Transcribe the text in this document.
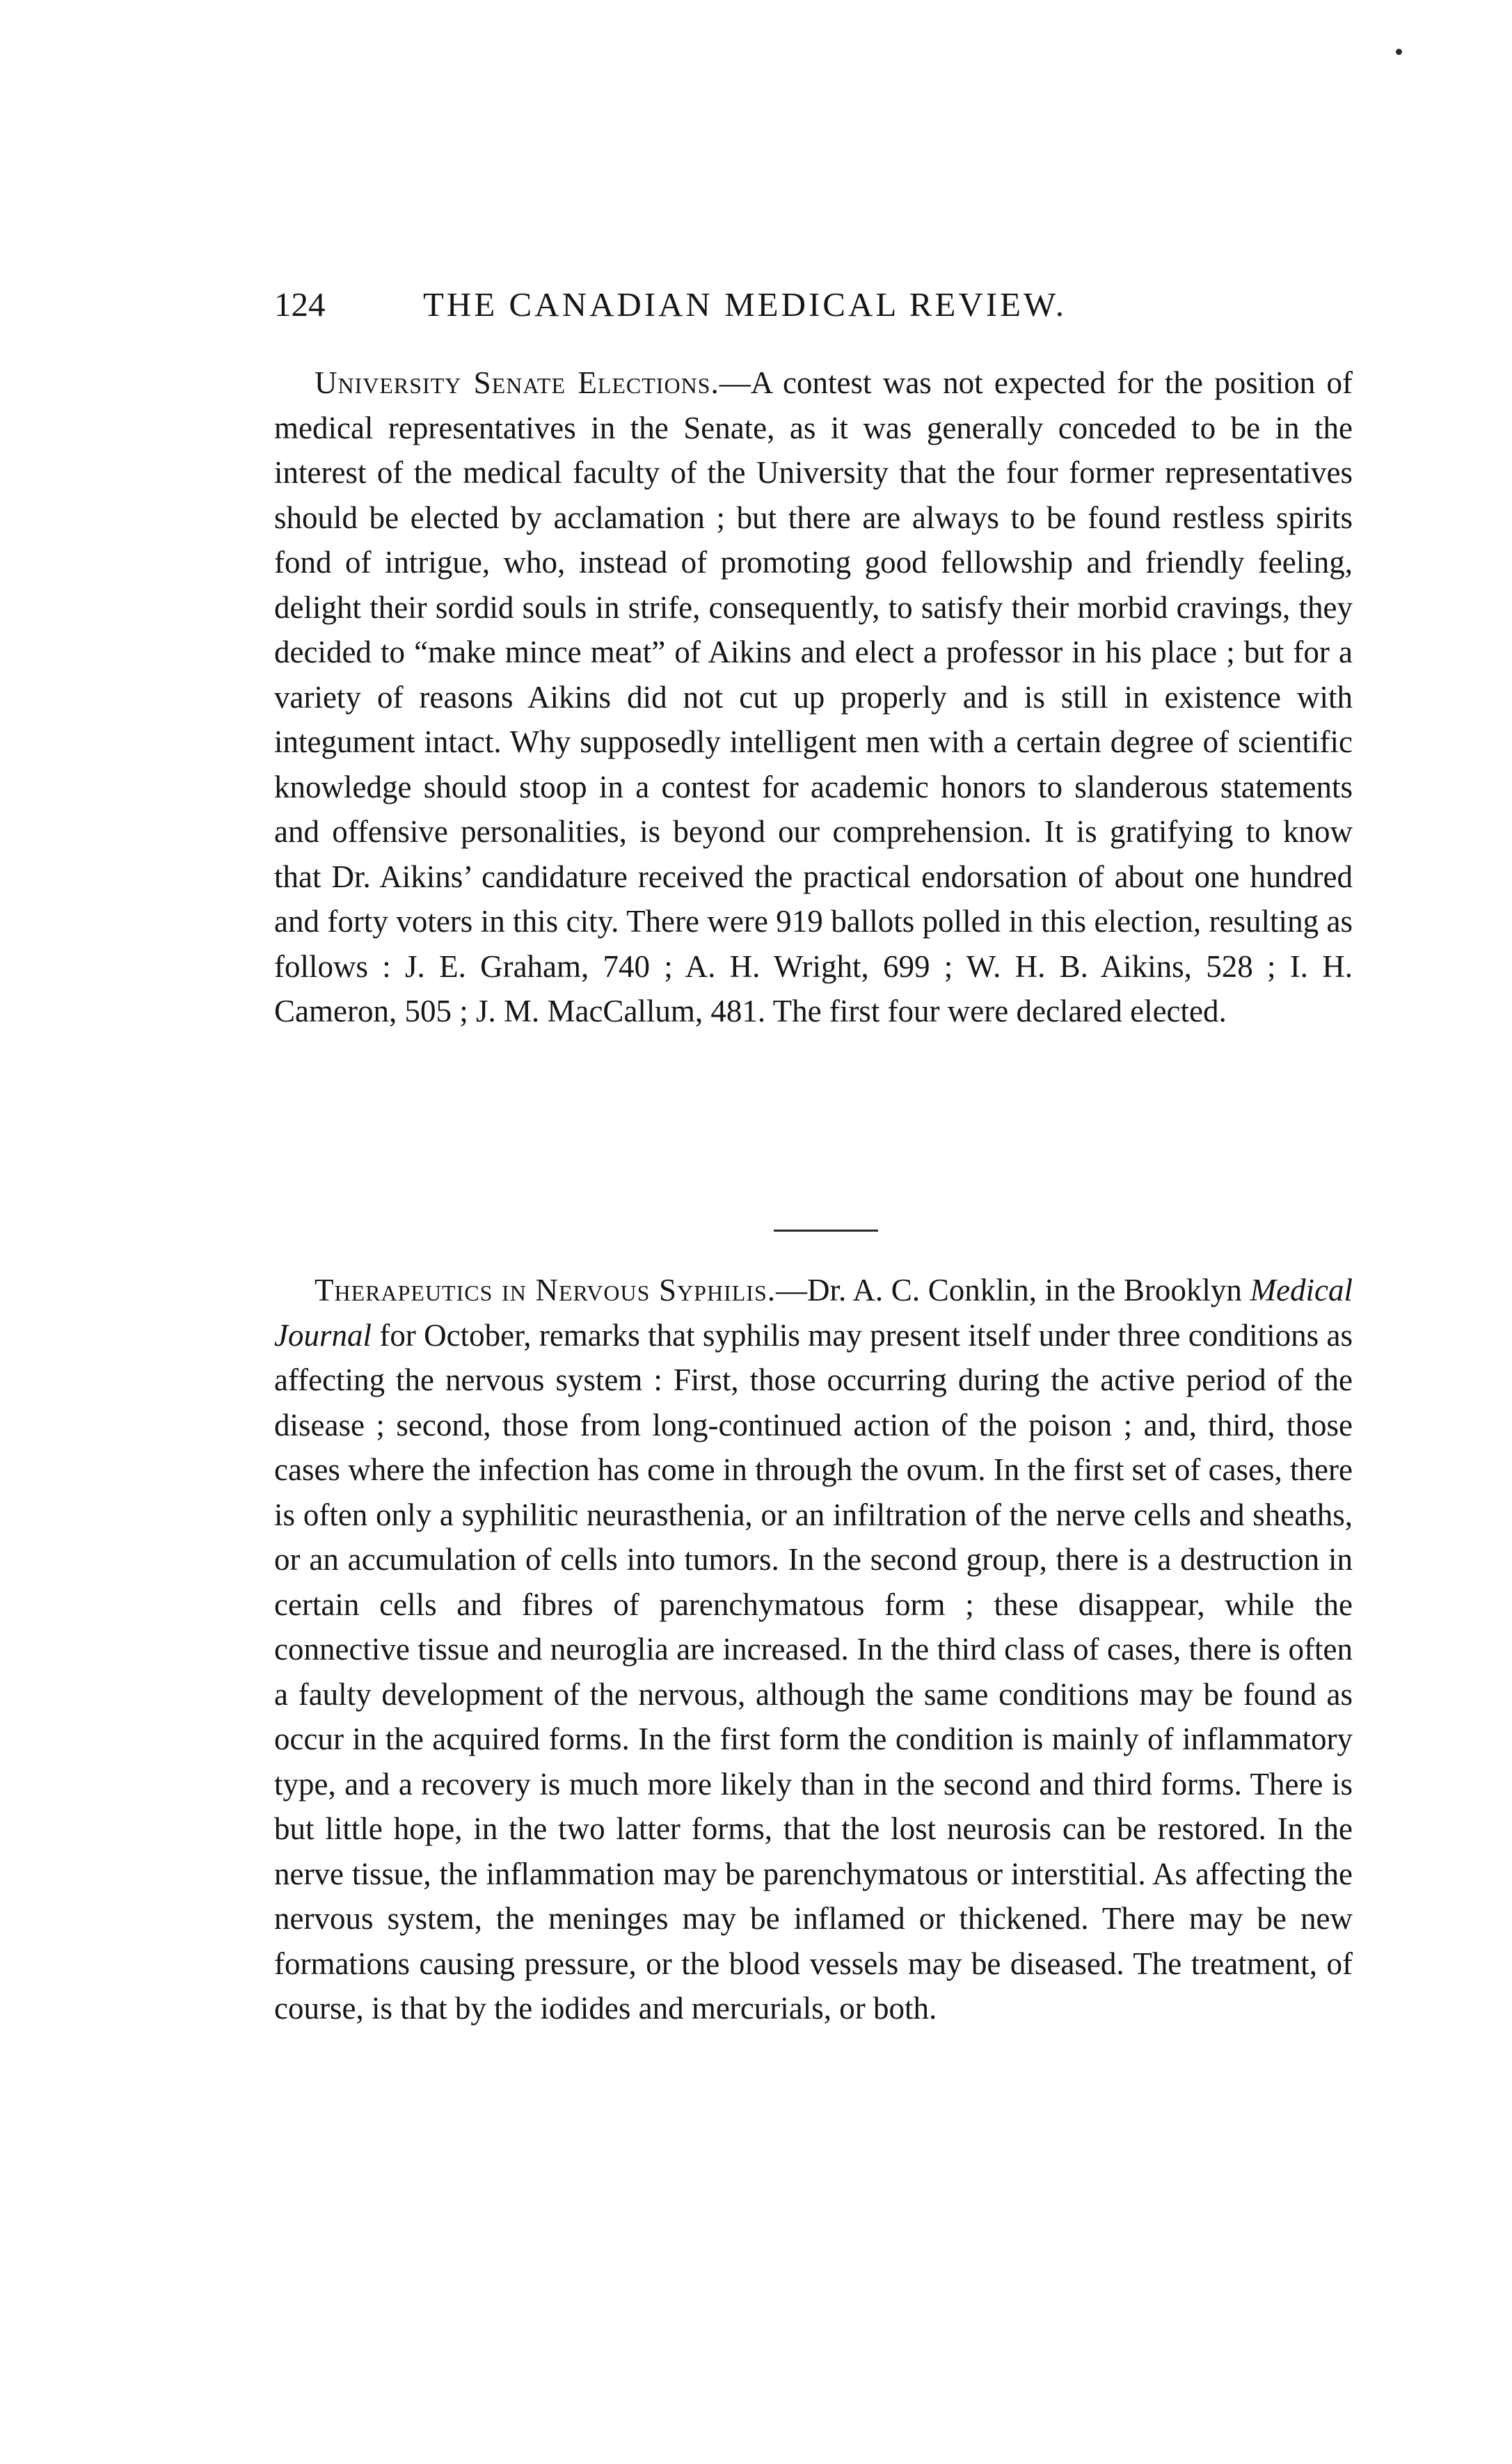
124	THE CANADIAN MEDICAL REVIEW.

University Senate Elections.—A contest was not expected for the position of medical representatives in the Senate, as it was generally conceded to be in the interest of the medical faculty of the University that the four former representatives should be elected by acclamation ; but there are always to be found restless spirits fond of intrigue, who, instead of promoting good fellowship and friendly feeling, delight their sordid souls in strife, consequently, to satisfy their morbid cravings, they decided to “make mince meat” of Aikins and elect a professor in his place ; but for a variety of reasons Aikins did not cut up properly and is still in existence with integument intact. Why supposedly intelligent men with a certain degree of scientific knowledge should stoop in a contest for academic honors to slanderous statements and offensive personalities, is beyond our comprehension. It is gratifying to know that Dr. Aikins’ candidature received the practical endorsation of about one hundred and forty voters in this city. There were 919 ballots polled in this election, resulting as follows : J. E. Graham, 740 ; A. H. Wright, 699 ; W. H. B. Aikins, 528 ; I. H. Cameron, 505 ; J. M. MacCallum, 481. The first four were declared elected.

Therapeutics in Nervous Syphilis.—Dr. A. C. Conklin, in the Brooklyn Medical Journal for October, remarks that syphilis may present itself under three conditions as affecting the nervous system : First, those occurring during the active period of the disease ; second, those from long-continued action of the poison ; and, third, those cases where the infection has come in through the ovum. In the first set of cases, there is often only a syphilitic neurasthenia, or an infiltration of the nerve cells and sheaths, or an accumulation of cells into tumors. In the second group, there is a destruction in certain cells and fibres of parenchymatous form ; these disappear, while the connective tissue and neuroglia are increased. In the third class of cases, there is often a faulty development of the nervous, although the same conditions may be found as occur in the acquired forms. In the first form the condition is mainly of inflammatory type, and a recovery is much more likely than in the second and third forms. There is but little hope, in the two latter forms, that the lost neurosis can be restored. In the nerve tissue, the inflammation may be parenchymatous or interstitial. As affecting the nervous system, the meninges may be inflamed or thickened. There may be new formations causing pressure, or the blood vessels may be diseased. The treatment, of course, is that by the iodides and mercurials, or both.
